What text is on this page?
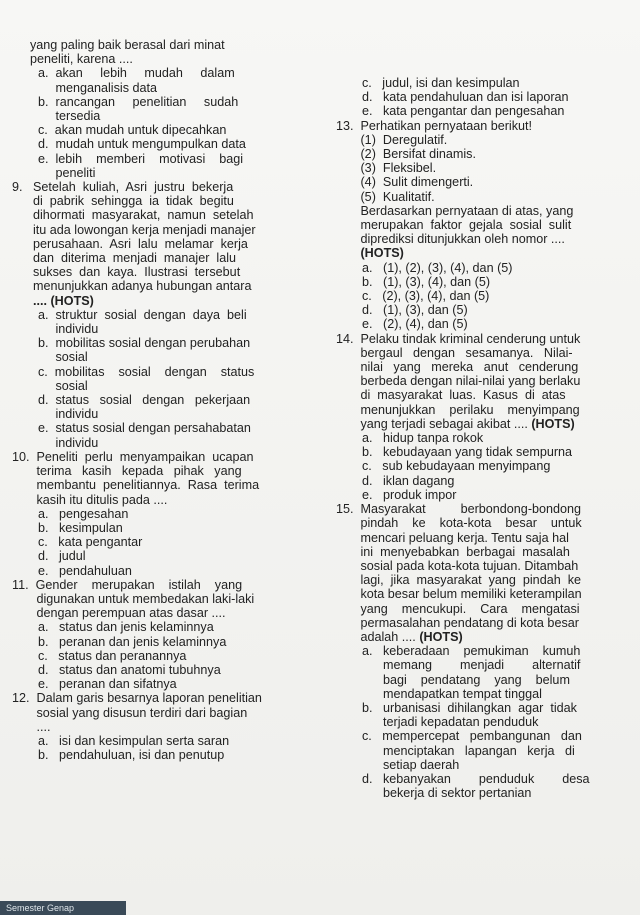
yang paling baik berasal dari minat
peneliti, karena ....
a.  akan     lebih     mudah     dalam
menganalisis data
b.  rancangan     penelitian     sudah
tersedia
c.  akan mudah untuk dipecahkan
d.  mudah untuk mengumpulkan data
e.  lebih    memberi    motivasi    bagi
peneliti
9.   Setelah  kuliah,  Asri  justru  bekerja
di  pabrik  sehingga  ia  tidak  begitu
dihormati  masyarakat,  namun  setelah
itu ada lowongan kerja menjadi manajer
perusahaan.  Asri  lalu  melamar  kerja
dan  diterima  menjadi  manajer  lalu
sukses  dan  kaya.  Ilustrasi  tersebut
menunjukkan adanya hubungan antara
.... (HOTS)
a.  struktur  sosial  dengan  daya  beli
individu
b.  mobilitas sosial dengan perubahan
sosial
c.  mobilitas    sosial    dengan    status
sosial
d.  status   sosial   dengan   pekerjaan
individu
e.  status sosial dengan persahabatan
individu
10.  Peneliti  perlu  menyampaikan  ucapan
terima   kasih   kepada   pihak   yang
membantu  penelitiannya.  Rasa  terima
kasih itu ditulis pada ....
a.   pengesahan
b.   kesimpulan
c.   kata pengantar
d.   judul
e.   pendahuluan
11.  Gender    merupakan    istilah    yang
digunakan untuk membedakan laki-laki
dengan perempuan atas dasar ....
a.   status dan jenis kelaminnya
b.   peranan dan jenis kelaminnya
c.   status dan peranannya
d.   status dan anatomi tubuhnya
e.   peranan dan sifatnya
12.  Dalam garis besarnya laporan penelitian
sosial yang disusun terdiri dari bagian
....
a.   isi dan kesimpulan serta saran
b.   pendahuluan, isi dan penutup
c.   judul, isi dan kesimpulan
d.   kata pendahuluan dan isi laporan
e.   kata pengantar dan pengesahan
13.  Perhatikan pernyataan berikut!
(1)  Deregulatif.
(2)  Bersifat dinamis.
(3)  Fleksibel.
(4)  Sulit dimengerti.
(5)  Kualitatif.
Berdasarkan pernyataan di atas, yang
merupakan  faktor  gejala  sosial  sulit
diprediksi ditunjukkan oleh nomor ....
(HOTS)
a.   (1), (2), (3), (4), dan (5)
b.   (1), (3), (4), dan (5)
c.   (2), (3), (4), dan (5)
d.   (1), (3), dan (5)
e.   (2), (4), dan (5)
14.  Pelaku tindak kriminal cenderung untuk
bergaul   dengan   sesamanya.   Nilai-
nilai   yang   mereka   anut   cenderung
berbeda dengan nilai-nilai yang berlaku
di  masyarakat  luas.  Kasus  di  atas
menunjukkan    perilaku    menyimpang
yang terjadi sebagai akibat .... (HOTS)
a.   hidup tanpa rokok
b.   kebudayaan yang tidak sempurna
c.   sub kebudayaan menyimpang
d.   iklan dagang
e.   produk impor
15.  Masyarakat          berbondong-bondong
pindah    ke    kota-kota    besar    untuk
mencari peluang kerja. Tentu saja hal
ini  menyebabkan  berbagai  masalah
sosial pada kota-kota tujuan. Ditambah
lagi,  jika  masyarakat  yang  pindah  ke
kota besar belum memiliki keterampilan
yang    mencukupi.    Cara    mengatasi
permasalahan pendatang di kota besar
adalah .... (HOTS)
a.   keberadaan    pemukiman    kumuh
memang        menjadi        alternatif
bagi    pendatang    yang    belum
mendapatkan tempat tinggal
b.   urbanisasi  dihilangkan  agar  tidak
terjadi kepadatan penduduk
c.   mempercepat   pembangunan   dan
menciptakan   lapangan   kerja   di
setiap daerah
d.   kebanyakan        penduduk        desa
bekerja di sektor pertanian
Semester Genap
